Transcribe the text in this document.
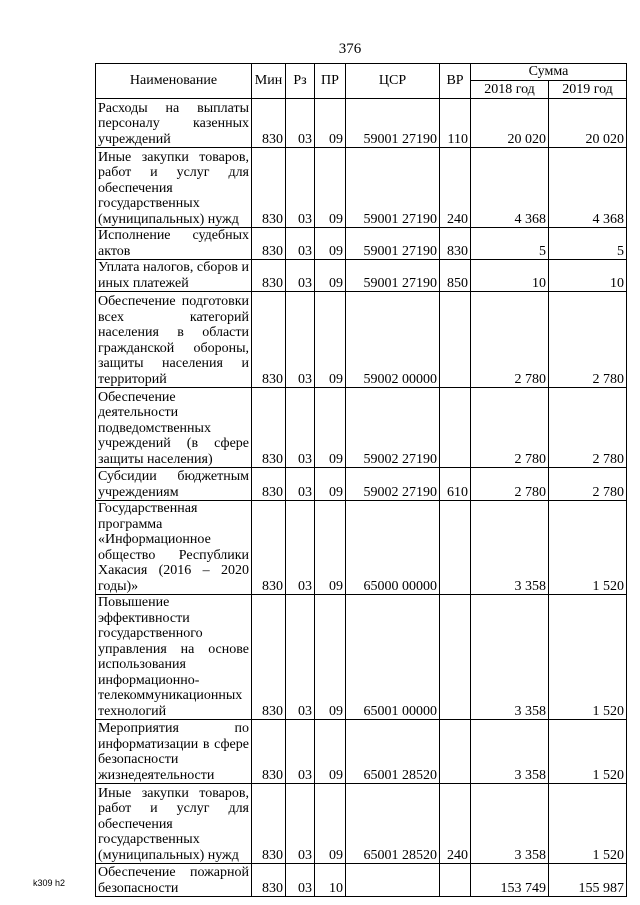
376
Наименование	Мин	Рз	ПР	ЦСР	ВР	Сумма	
						2018 год	2019 год
Расходы на выплаты персоналу казенных учреждений	830	03	09	59001 27190	110	20 020	20 020
Иные закупки товаров, работ и услуг для обеспечения государственных (муниципальных) нужд	830	03	09	59001 27190	240	4 368	4 368
Исполнение судебных актов	830	03	09	59001 27190	830	5	5
Уплата налогов, сборов и иных платежей	830	03	09	59001 27190	850	10	10
Обеспечение подготовки всех категорий населения в области гражданской обороны, защиты населения и территорий	830	03	09	59002 00000		2 780	2 780
Обеспечение деятельности подведомственных учреждений (в сфере защиты населения)	830	03	09	59002 27190		2 780	2 780
Субсидии бюджетным учреждениям	830	03	09	59002 27190	610	2 780	2 780
Государственная программа «Информационное общество Республики Хакасия (2016 – 2020 годы)»	830	03	09	65000 00000		3 358	1 520
Повышение эффективности государственного управления на основе использования информационно-телекоммуникационных технологий	830	03	09	65001 00000		3 358	1 520
Мероприятия по информатизации в сфере безопасности жизнедеятельности	830	03	09	65001 28520		3 358	1 520
Иные закупки товаров, работ и услуг для обеспечения государственных (муниципальных) нужд	830	03	09	65001 28520	240	3 358	1 520
Обеспечение пожарной безопасности	830	03	10			153 749	155 987
k309 h2
